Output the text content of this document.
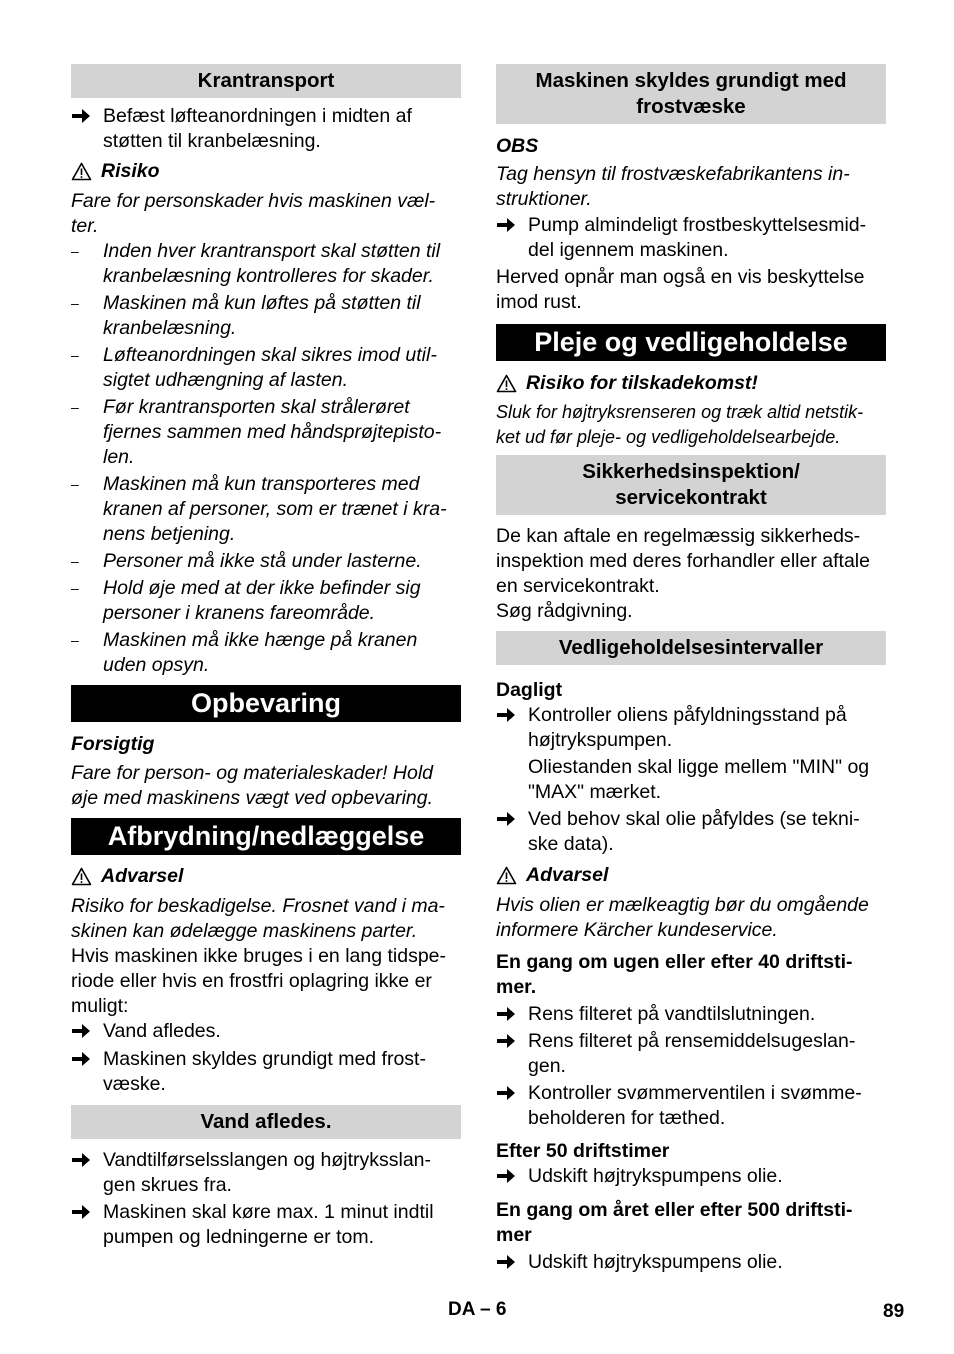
Krantransport

Befæst løfteanordningen i midten af

støtten til kranbelæsning.

Risiko

Fare for personskader hvis maskinen væl-

ter.

– Inden hver krantransport skal støtten til

kranbelæsning kontrolleres for skader.

– Maskinen må kun løftes på støtten til

kranbelæsning.

– Løfteanordningen skal sikres imod util-

sigtet udhængning af lasten.

– Før krantransporten skal strålerøret

fjernes sammen med håndsprøjtepisto-

len.

– Maskinen må kun transporteres med

kranen af personer, som er trænet i kra-

nens betjening.

– Personer må ikke stå under lasterne.

– Hold øje med at der ikke befinder sig

personer i kranens fareområde.

– Maskinen må ikke hænge på kranen

uden opsyn.

Opbevaring

Forsigtig

Fare for person- og materialeskader! Hold

øje med maskinens vægt ved opbevaring.

Afbrydning/nedlæggelse
Advarsel

Risiko for beskadigelse. Frosnet vand i ma-

skinen kan ødelægge maskinens parter.

Hvis maskinen ikke bruges i en lang tidspe-

riode eller hvis en frostfri oplagring ikke er

muligt:

Vand afledes.

Maskinen skyldes grundigt med frost-

væske.

Vand afledes.

Vandtilførselsslangen og højtryksslan-

gen skrues fra.

Maskinen skal køre max. 1 minut indtil

pumpen og ledningerne er tom.

Maskinen skyldes grundigt med
frostvæske

OBS

Tag hensyn til frostvæskefabrikantens in-

struktioner.

Pump almindeligt frostbeskyttelsesmid-

del igennem maskinen.

Herved opnår man også en vis beskyttelse

imod rust.

Pleje og vedligeholdelse
Risiko for tilskadekomst!

Sluk for højtryksrenseren og træk altid netstik-

ket ud før pleje- og vedligeholdelsearbejde.

Sikkerhedsinspektion/
servicekontrakt

De kan aftale en regelmæssig sikkerheds-

inspektion med deres forhandler eller aftale

en servicekontrakt.

Søg rådgivning.

Vedligeholdelsesintervaller

Dagligt

Kontroller oliens påfyldningsstand på

højtrykspumpen.

Oliestanden skal ligge mellem "MIN" og

"MAX" mærket.

Ved behov skal olie påfyldes (se tekni-

ske data).

Advarsel

Hvis olien er mælkeagtig bør du omgående

informere Kärcher kundeservice.

En gang om ugen eller efter 40 driftsti-

mer.

Rens filteret på vandtilslutningen.

Rens filteret på rensemiddelsugeslan-

gen.

Kontroller svømmerventilen i svømme-

beholderen for tæthed.

Efter 50 driftstimer

Udskift højtrykspumpens olie.

En gang om året eller efter 500 driftsti-

mer

Udskift højtrykspumpens olie.

DA – 6	89
